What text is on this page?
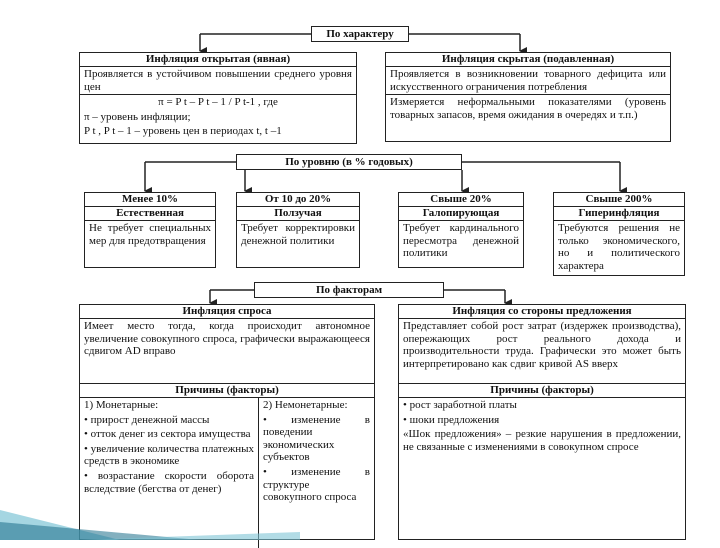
По характеру
Инфляция открытая (явная)
Проявляется в устойчивом повышении среднего уровня цен
π = P t – P t – 1 / P t-1 , где
π – уровень инфляции;
P t , P t – 1 – уровень цен в периодах t, t –1
Инфляция скрытая (подавленная)
Проявляется в возникновении товарного дефицита или искусственного ограничения потребления
Измеряется неформальными показателями (уровень товарных запасов, время ожидания в очередях и т.п.)
По уровню (в % годовых)
Менее 10%
Естественная
Не требует специальных мер для предотвращения
От 10 до 20%
Ползучая
Требует корректировки денежной политики
Свыше 20%
Галопирующая
Требует кардинального пересмотра денежной политики
Свыше 200%
Гиперинфляция
Требуются решения не только экономического, но и политического характера
По факторам
Инфляция спроса
Имеет место тогда, когда происходит автономное увеличение совокупного спроса, графически выражающееся сдвигом AD вправо
Причины (факторы)
1) Монетарные:
• прирост денежной массы
• отток денег из сектора имущества
• увеличение количества платежных средств в экономике
• возрастание скорости оборота вследствие (бегства от денег)
2) Немонетарные:
• изменение в поведении экономических субъектов
• изменение в структуре совокупного спроса
Инфляция со стороны предложения
Представляет собой рост затрат (издержек производства), опережающих рост реального дохода и производительности труда. Графически это может быть интерпретировано как сдвиг кривой AS вверх
Причины (факторы)
• рост заработной платы
• шоки предложения
«Шок предложения» – резкие нарушения в предложении, не связанные с изменениями в совокупном спросе
